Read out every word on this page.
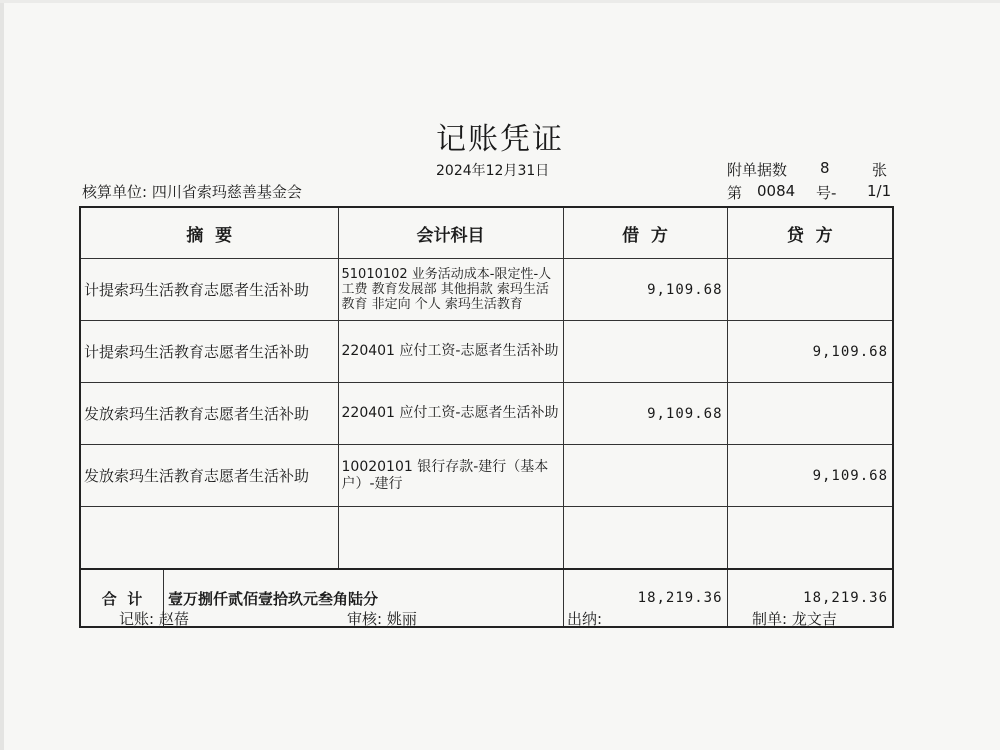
记账凭证
2024年12月31日	附单据数 8	张
核算单位: 四川省索玛慈善基金会	第 0084 号- 1/1
摘  要	会计科目	借  方	贷  方
计提索玛生活教育志愿者生活补助	51010102 业务活动成本-限定性-人工费 教育发展部 其他捐款 索玛生活教育 非定向 个人 索玛生活教育	9,109.68	
计提索玛生活教育志愿者生活补助	220401 应付工资-志愿者生活补助		9,109.68
发放索玛生活教育志愿者生活补助	220401 应付工资-志愿者生活补助	9,109.68	
发放索玛生活教育志愿者生活补助	10020101 银行存款-建行（基本户）-建行		9,109.68

合  计 壹万捌仟贰佰壹拾玖元叁角陆分		18,219.36	18,219.36
记账: 赵蓓	审核: 姚丽	出纳:	制单: 龙文吉
